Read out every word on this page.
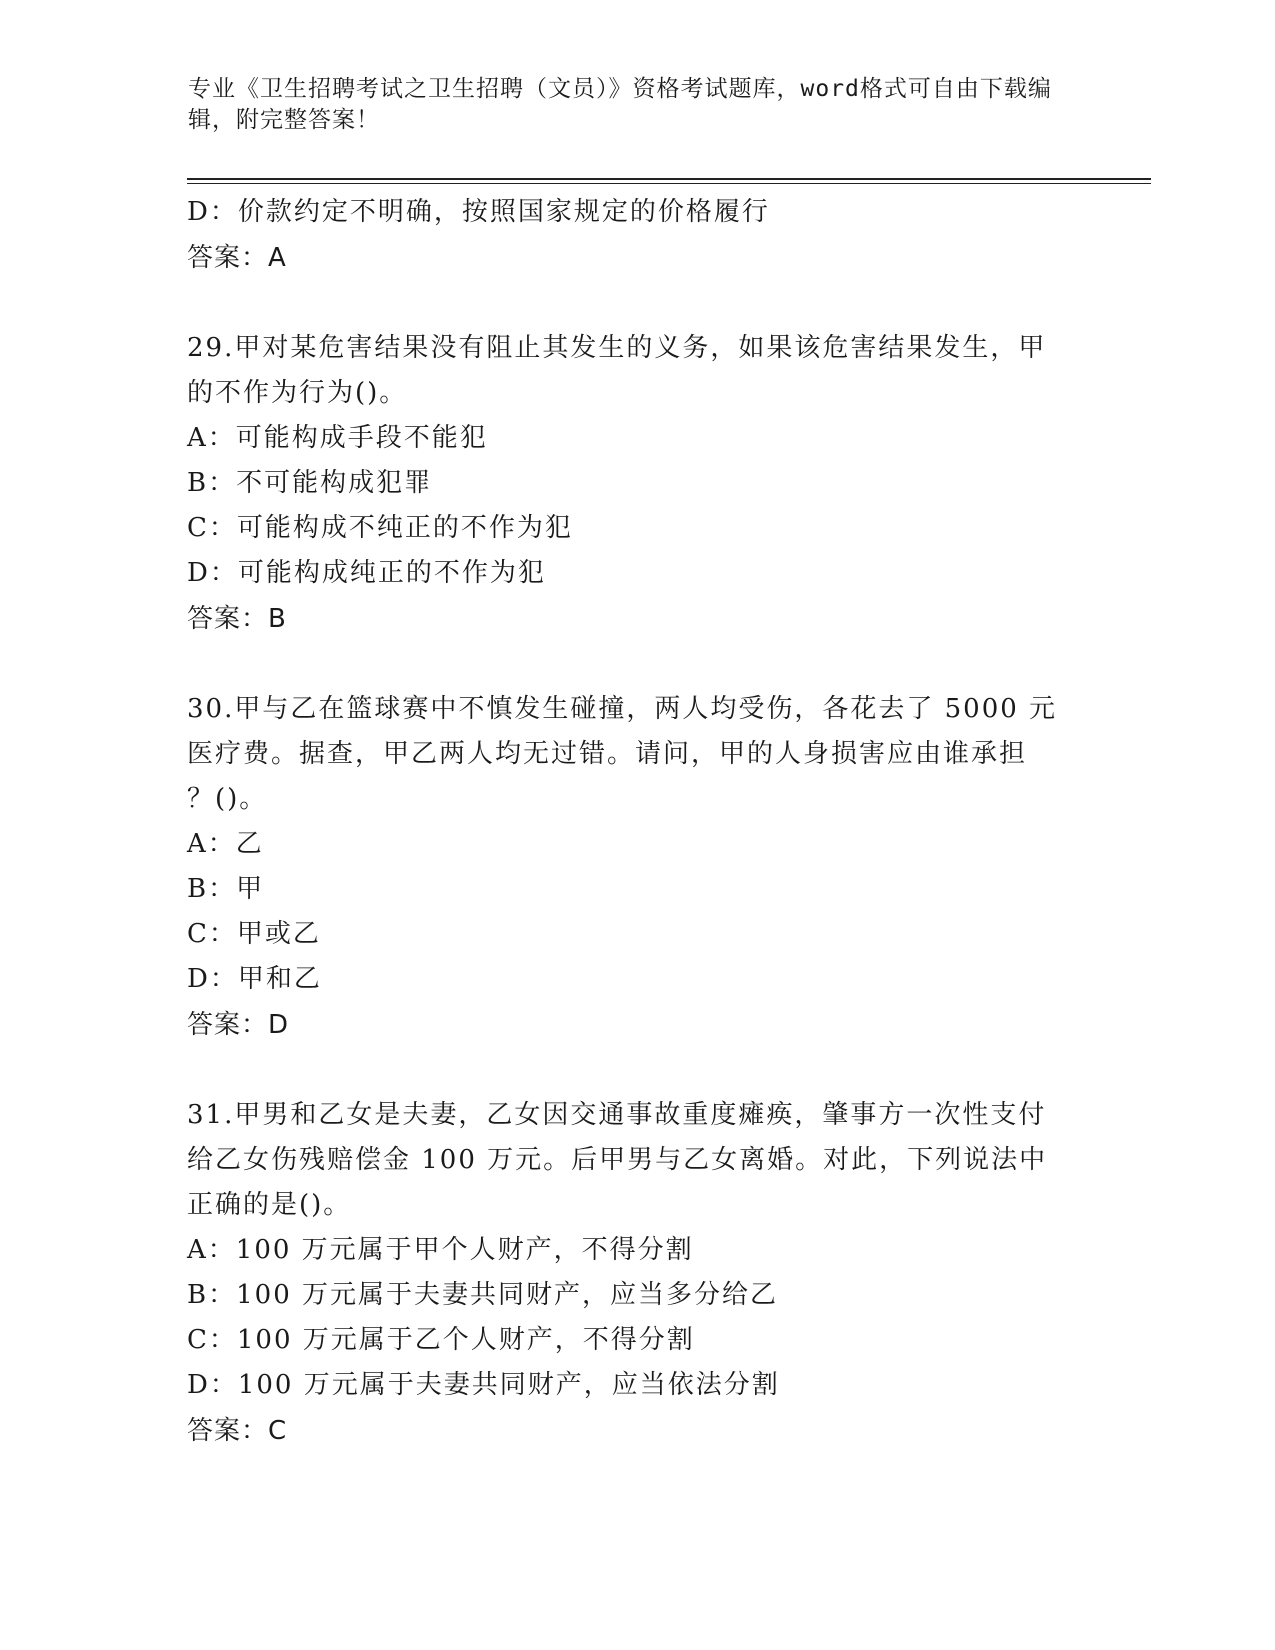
专业《卫生招聘考试之卫生招聘（文员）》资格考试题库，word格式可自由下载编辑，附完整答案！
D：价款约定不明确，按照国家规定的价格履行
答案：A
29.甲对某危害结果没有阻止其发生的义务，如果该危害结果发生，甲
的不作为行为()。
A：可能构成手段不能犯
B：不可能构成犯罪
C：可能构成不纯正的不作为犯
D：可能构成纯正的不作为犯
答案：B
30.甲与乙在篮球赛中不慎发生碰撞，两人均受伤，各花去了 5000 元
医疗费。据查，甲乙两人均无过错。请问，甲的人身损害应由谁承担
？()。
A：乙
B：甲
C：甲或乙
D：甲和乙
答案：D
31.甲男和乙女是夫妻，乙女因交通事故重度瘫痪，肇事方一次性支付
给乙女伤残赔偿金 100 万元。后甲男与乙女离婚。对此，下列说法中
正确的是()。
A：100 万元属于甲个人财产，不得分割
B：100 万元属于夫妻共同财产，应当多分给乙
C：100 万元属于乙个人财产，不得分割
D：100 万元属于夫妻共同财产，应当依法分割
答案：C
